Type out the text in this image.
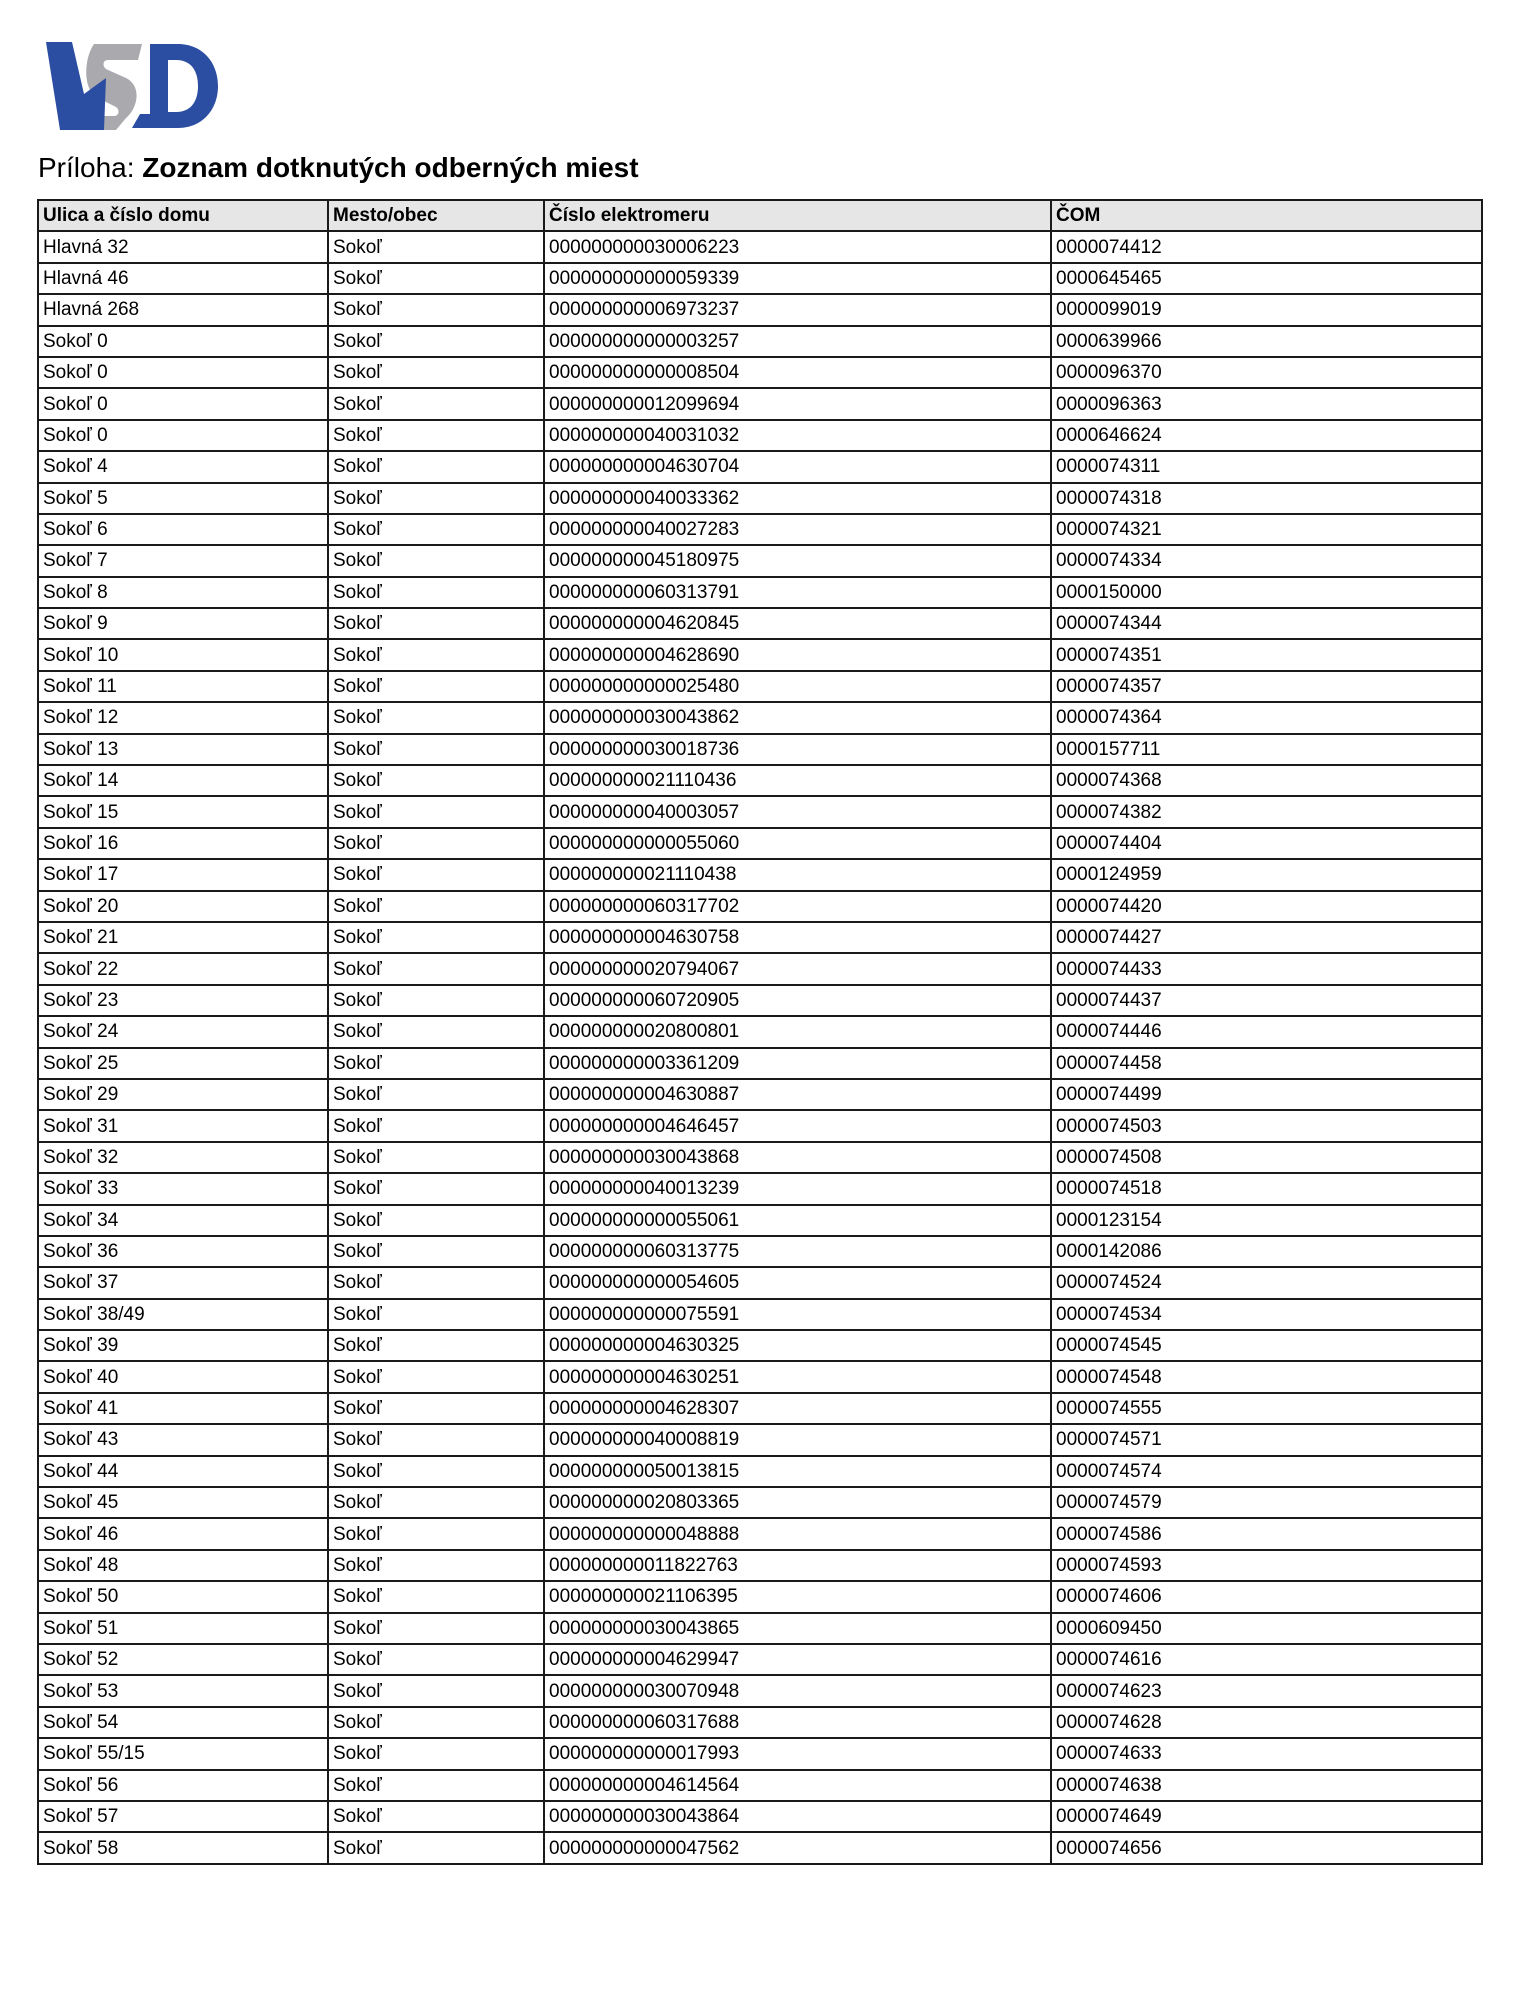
Príloha: Zoznam dotknutých odberných miest
Ulica a číslo domu	Mesto/obec	Číslo elektromeru	ČOM
Hlavná 32	Sokoľ	000000000030006223	0000074412
Hlavná 46	Sokoľ	000000000000059339	0000645465
Hlavná 268	Sokoľ	000000000006973237	0000099019
Sokoľ 0	Sokoľ	000000000000003257	0000639966
Sokoľ 0	Sokoľ	000000000000008504	0000096370
Sokoľ 0	Sokoľ	000000000012099694	0000096363
Sokoľ 0	Sokoľ	000000000040031032	0000646624
Sokoľ 4	Sokoľ	000000000004630704	0000074311
Sokoľ 5	Sokoľ	000000000040033362	0000074318
Sokoľ 6	Sokoľ	000000000040027283	0000074321
Sokoľ 7	Sokoľ	000000000045180975	0000074334
Sokoľ 8	Sokoľ	000000000060313791	0000150000
Sokoľ 9	Sokoľ	000000000004620845	0000074344
Sokoľ 10	Sokoľ	000000000004628690	0000074351
Sokoľ 11	Sokoľ	000000000000025480	0000074357
Sokoľ 12	Sokoľ	000000000030043862	0000074364
Sokoľ 13	Sokoľ	000000000030018736	0000157711
Sokoľ 14	Sokoľ	000000000021110436	0000074368
Sokoľ 15	Sokoľ	000000000040003057	0000074382
Sokoľ 16	Sokoľ	000000000000055060	0000074404
Sokoľ 17	Sokoľ	000000000021110438	0000124959
Sokoľ 20	Sokoľ	000000000060317702	0000074420
Sokoľ 21	Sokoľ	000000000004630758	0000074427
Sokoľ 22	Sokoľ	000000000020794067	0000074433
Sokoľ 23	Sokoľ	000000000060720905	0000074437
Sokoľ 24	Sokoľ	000000000020800801	0000074446
Sokoľ 25	Sokoľ	000000000003361209	0000074458
Sokoľ 29	Sokoľ	000000000004630887	0000074499
Sokoľ 31	Sokoľ	000000000004646457	0000074503
Sokoľ 32	Sokoľ	000000000030043868	0000074508
Sokoľ 33	Sokoľ	000000000040013239	0000074518
Sokoľ 34	Sokoľ	000000000000055061	0000123154
Sokoľ 36	Sokoľ	000000000060313775	0000142086
Sokoľ 37	Sokoľ	000000000000054605	0000074524
Sokoľ 38/49	Sokoľ	000000000000075591	0000074534
Sokoľ 39	Sokoľ	000000000004630325	0000074545
Sokoľ 40	Sokoľ	000000000004630251	0000074548
Sokoľ 41	Sokoľ	000000000004628307	0000074555
Sokoľ 43	Sokoľ	000000000040008819	0000074571
Sokoľ 44	Sokoľ	000000000050013815	0000074574
Sokoľ 45	Sokoľ	000000000020803365	0000074579
Sokoľ 46	Sokoľ	000000000000048888	0000074586
Sokoľ 48	Sokoľ	000000000011822763	0000074593
Sokoľ 50	Sokoľ	000000000021106395	0000074606
Sokoľ 51	Sokoľ	000000000030043865	0000609450
Sokoľ 52	Sokoľ	000000000004629947	0000074616
Sokoľ 53	Sokoľ	000000000030070948	0000074623
Sokoľ 54	Sokoľ	000000000060317688	0000074628
Sokoľ 55/15	Sokoľ	000000000000017993	0000074633
Sokoľ 56	Sokoľ	000000000004614564	0000074638
Sokoľ 57	Sokoľ	000000000030043864	0000074649
Sokoľ 58	Sokoľ	000000000000047562	0000074656
